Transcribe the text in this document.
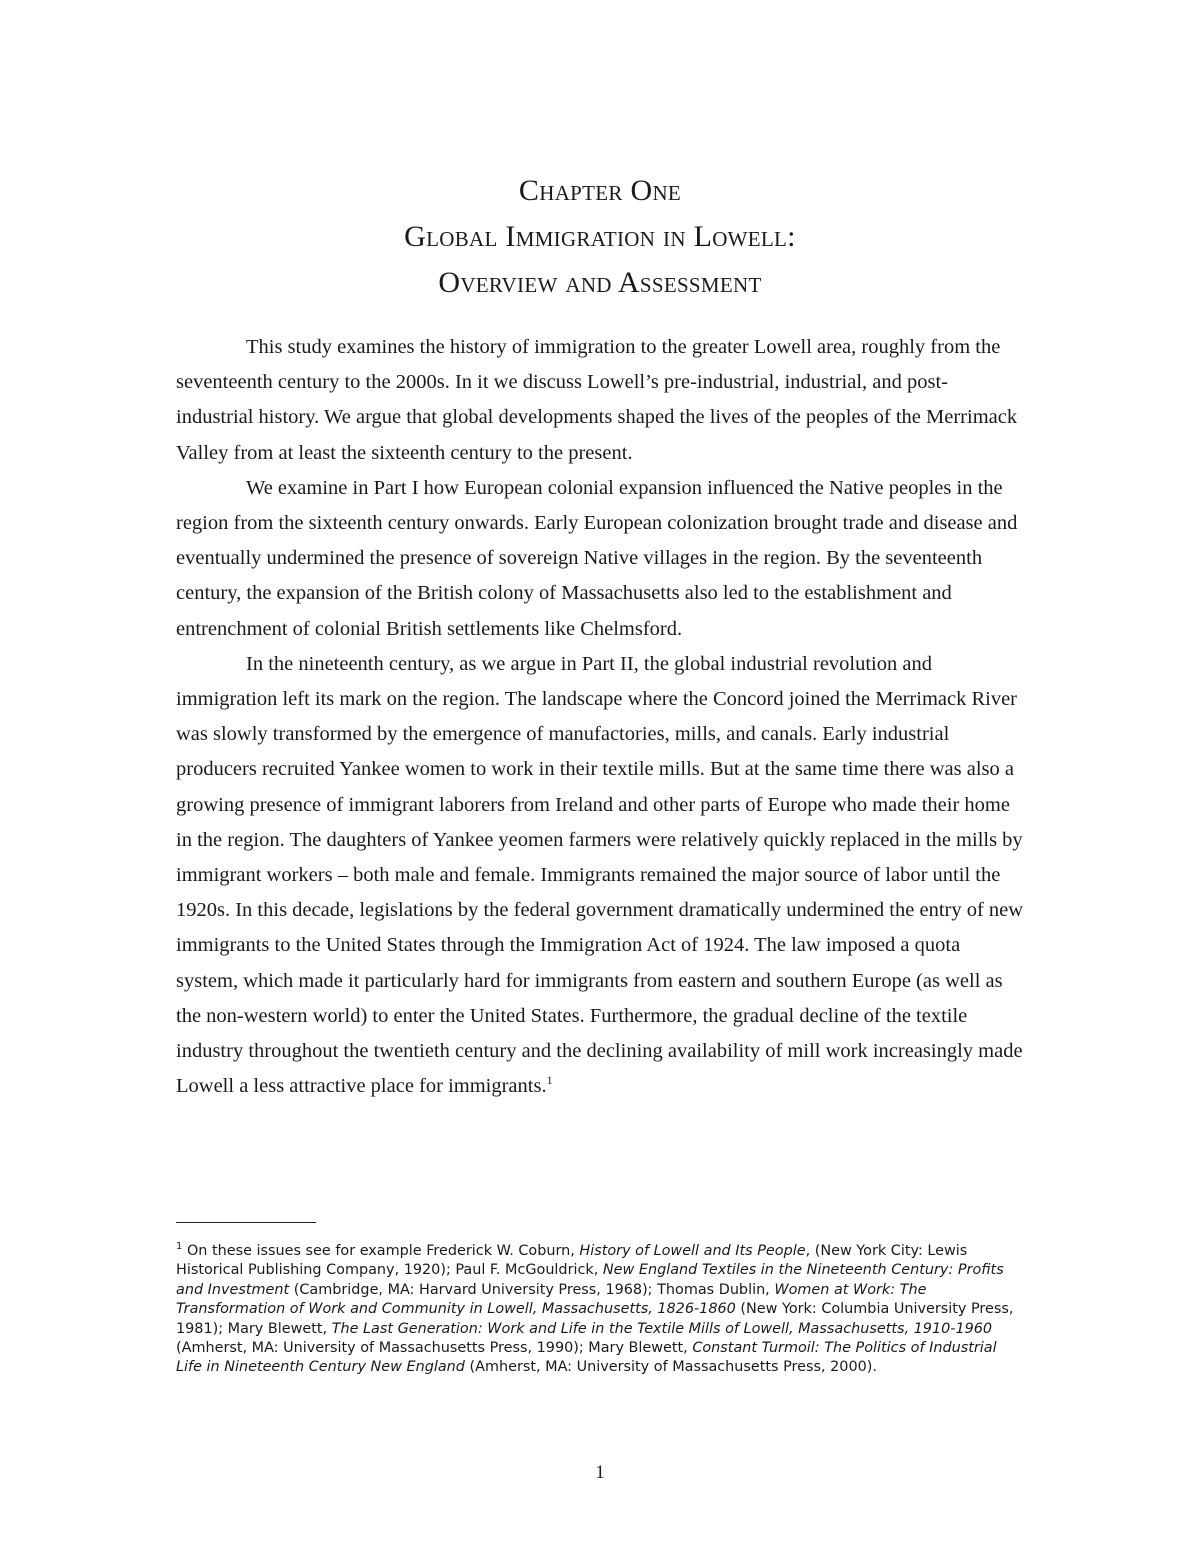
Chapter One
Global Immigration in Lowell:
Overview and Assessment

This study examines the history of immigration to the greater Lowell area, roughly from the seventeenth century to the 2000s. In it we discuss Lowell’s pre-industrial, industrial, and post-industrial history. We argue that global developments shaped the lives of the peoples of the Merrimack Valley from at least the sixteenth century to the present.

We examine in Part I how European colonial expansion influenced the Native peoples in the region from the sixteenth century onwards. Early European colonization brought trade and disease and eventually undermined the presence of sovereign Native villages in the region. By the seventeenth century, the expansion of the British colony of Massachusetts also led to the establishment and entrenchment of colonial British settlements like Chelmsford.

In the nineteenth century, as we argue in Part II, the global industrial revolution and immigration left its mark on the region. The landscape where the Concord joined the Merrimack River was slowly transformed by the emergence of manufactories, mills, and canals. Early industrial producers recruited Yankee women to work in their textile mills. But at the same time there was also a growing presence of immigrant laborers from Ireland and other parts of Europe who made their home in the region. The daughters of Yankee yeomen farmers were relatively quickly replaced in the mills by immigrant workers – both male and female. Immigrants remained the major source of labor until the 1920s. In this decade, legislations by the federal government dramatically undermined the entry of new immigrants to the United States through the Immigration Act of 1924. The law imposed a quota system, which made it particularly hard for immigrants from eastern and southern Europe (as well as the non-western world) to enter the United States. Furthermore, the gradual decline of the textile industry throughout the twentieth century and the declining availability of mill work increasingly made Lowell a less attractive place for immigrants.$^1$

$^1$ On these issues see for example Frederick W. Coburn, History of Lowell and Its People, (New York City: Lewis Historical Publishing Company, 1920); Paul F. McGouldrick, New England Textiles in the Nineteenth Century: Profits and Investment (Cambridge, MA: Harvard University Press, 1968); Thomas Dublin, Women at Work: The Transformation of Work and Community in Lowell, Massachusetts, 1826-1860 (New York: Columbia University Press, 1981); Mary Blewett, The Last Generation: Work and Life in the Textile Mills of Lowell, Massachusetts, 1910-1960 (Amherst, MA: University of Massachusetts Press, 1990); Mary Blewett, Constant Turmoil: The Politics of Industrial Life in Nineteenth Century New England (Amherst, MA: University of Massachusetts Press, 2000).
1
